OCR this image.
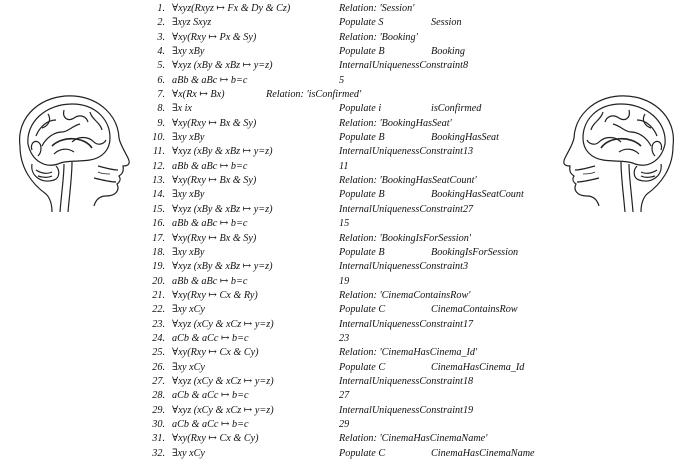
1. ∀xyz(Rxyz ↦ Fx & Dy & Cz)	Relation: 'Session'
2. ∃xyz Sxyz	Populate S	Session
3. ∀xy(Rxy ↦ Px & Sy)	Relation: 'Booking'
4. ∃xy xBy	Populate B	Booking
5. ∀xyz (xBy & xBz ↦ y=z)	InternalUniquenessConstraint8
6. aBb & aBc ↦ b=c	5
7. ∀x(Rx ↦ Bx)	Relation: 'isConfirmed'
8. ∃x ix	Populate i	isConfirmed
9. ∀xy(Rxy ↦ Bx & Sy)	Relation: 'BookingHasSeat'
10. ∃xy xBy	Populate B	BookingHasSeat
11. ∀xyz (xBy & xBz ↦ y=z)	InternalUniquenessConstraint13
12. aBb & aBc ↦ b=c	11
13. ∀xy(Rxy ↦ Bx & Sy)	Relation: 'BookingHasSeatCount'
14. ∃xy xBy	Populate B	BookingHasSeatCount
15. ∀xyz (xBy & xBz ↦ y=z)	InternalUniquenessConstraint27
16. aBb & aBc ↦ b=c	15
17. ∀xy(Rxy ↦ Bx & Sy)	Relation: 'BookingIsForSession'
18. ∃xy xBy	Populate B	BookingIsForSession
19. ∀xyz (xBy & xBz ↦ y=z)	InternalUniquenessConstraint3
20. aBb & aBc ↦ b=c	19
21. ∀xy(Rxy ↦ Cx & Ry)	Relation: 'CinemaContainsRow'
22. ∃xy xCy	Populate C	CinemaContainsRow
23. ∀xyz (xCy & xCz ↦ y=z)	InternalUniquenessConstraint17
24. aCb & aCc ↦ b=c	23
25. ∀xy(Rxy ↦ Cx & Cy)	Relation: 'CinemaHasCinema_Id'
26. ∃xy xCy	Populate C	CinemaHasCinema_Id
27. ∀xyz (xCy & xCz ↦ y=z)	InternalUniquenessConstraint18
28. aCb & aCc ↦ b=c	27
29. ∀xyz (xCy & xCz ↦ y=z)	InternalUniquenessConstraint19
30. aCb & aCc ↦ b=c	29
31. ∀xy(Rxy ↦ Cx & Cy)	Relation: 'CinemaHasCinemaName'
32. ∃xy xCy	Populate C	CinemaHasCinemaName
